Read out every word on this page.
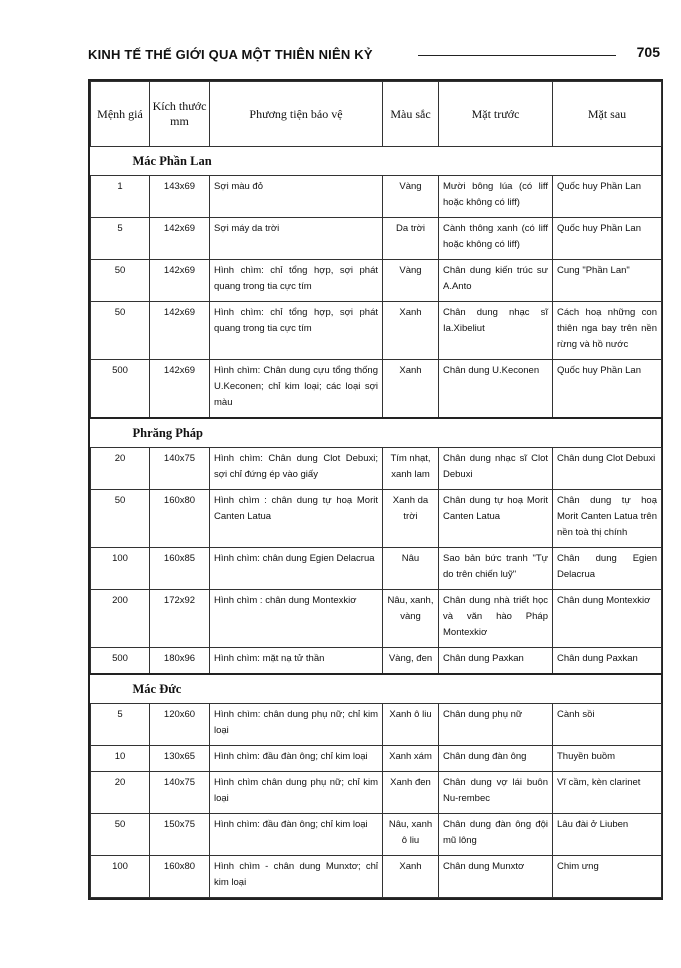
KINH TẾ THẾ GIỚI QUA MỘT THIÊN NIÊN KỶ	705
Mệnh giá	Kích thước mm	Phương tiện bảo vệ	Màu sắc	Mặt trước	Mặt sau
Mác Phần Lan					
1	143x69	Sợi màu đỏ	Vàng	Mười bông lúa (có liff hoặc không có liff)	Quốc huy Phần Lan
5	142x69	Sợi máy da trời	Da trời	Cành thông xanh (có liff hoặc không có liff)	Quốc huy Phần Lan
50	142x69	Hình chìm: chỉ tổng hợp, sợi phát quang trong tia cực tím	Vàng	Chân dung kiến trúc sư A.Anto	Cung "Phần Lan"
50	142x69	Hình chìm: chỉ tổng hợp, sợi phát quang trong tia cực tím	Xanh	Chân dung nhạc sĩ Ia.Xibeliut	Cách hoạ những con thiên nga bay trên nền rừng và hồ nước
500	142x69	Hình chìm: Chân dung cựu tổng thống U.Keconen; chỉ kim loại; các loại sợi màu	Xanh	Chân dung U.Keconen	Quốc huy Phần Lan
Phrăng Pháp					
20	140x75	Hình chìm: Chân dung Clot Debuxi; sợi chỉ đứng ép vào giấy	Tím nhạt, xanh lam	Chân dung nhạc sĩ Clot Debuxi	Chân dung Clot Debuxi
50	160x80	Hình chìm : chân dung tự hoạ Morit Canten Latua	Xanh da trời	Chân dung tự hoạ Morit Canten Latua	Chân dung tự hoạ Morit Canten Latua trên nền toà thị chính
100	160x85	Hình chìm: chân dung Egien Delacrua	Nâu	Sao bản bức tranh "Tự do trên chiến luỹ"	Chân dung Egien Delacrua
200	172x92	Hình chìm : chân dung Montexkiơ	Nâu, xanh, vàng	Chân dung nhà triết học và văn hào Pháp Montexkiơ	Chân dung Montexkiơ
500	180x96	Hình chìm: mặt nạ tử thần	Vàng, đen	Chân dung Paxkan	Chân dung Paxkan
Mác Đức					
5	120x60	Hình chìm: chân dung phụ nữ; chỉ kim loại	Xanh ô liu	Chân dung phụ nữ	Cành sồi
10	130x65	Hình chìm: đầu đàn ông; chỉ kim loại	Xanh xám	Chân dung đàn ông	Thuyền buồm
20	140x75	Hình chìm chân dung phụ nữ; chỉ kim loại	Xanh đen	Chân dung vợ lái buôn Nu-rembec	Vĩ cầm, kèn clarinet
50	150x75	Hình chìm: đầu đàn ông; chỉ kim loại	Nâu, xanh ô liu	Chân dung đàn ông đội mũ lông	Lâu đài ở Liuben
100	160x80	Hình chìm - chân dung Munxtơ; chỉ kim loại	Xanh	Chân dung Munxtơ	Chim ưng
